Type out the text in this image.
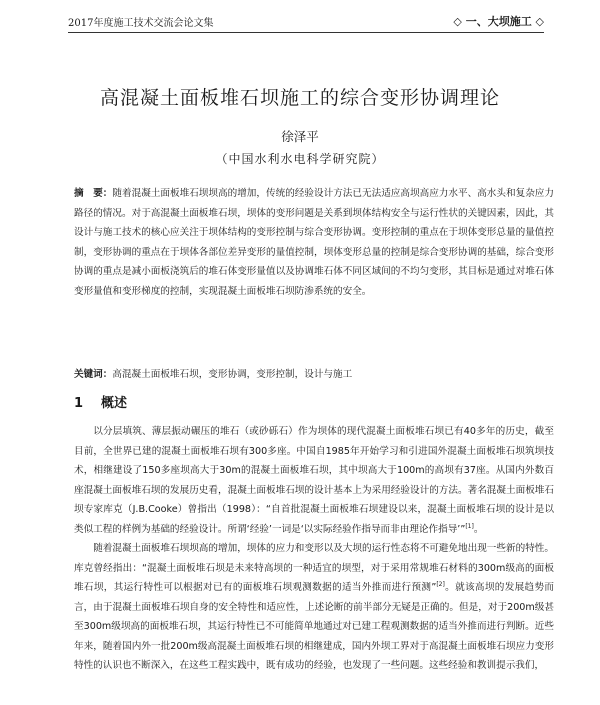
2017年度施工技术交流会论文集	◇ 一、大坝施工 ◇
高混凝土面板堆石坝施工的综合变形协调理论
徐泽平
（中国水利水电科学研究院）
摘　要：随着混凝土面板堆石坝坝高的增加，传统的经验设计方法已无法适应高坝高应力水平、高水头和复杂应力路径的情况。对于高混凝土面板堆石坝，坝体的变形问题是关系到坝体结构安全与运行性状的关键因素，因此，其设计与施工技术的核心应关注于坝体结构的变形控制与综合变形协调。变形控制的重点在于坝体变形总量的量值控制，变形协调的重点在于坝体各部位差异变形的量值控制，坝体变形总量的控制是综合变形协调的基础，综合变形协调的重点是减小面板浇筑后的堆石体变形量值以及协调堆石体不同区域间的不均匀变形，其目标是通过对堆石体变形量值和变形梯度的控制，实现混凝土面板堆石坝防渗系统的安全。
关键词：高混凝土面板堆石坝，变形协调，变形控制，设计与施工
1 概述
以分层填筑、薄层振动碾压的堆石（或砂砾石）作为坝体的现代混凝土面板堆石坝已有40多年的历史，截至目前，全世界已建的混凝土面板堆石坝有300多座。中国自1985年开始学习和引进国外混凝土面板堆石坝筑坝技术，相继建设了150多座坝高大于30m的混凝土面板堆石坝，其中坝高大于100m的高坝有37座。从国内外数百座混凝土面板堆石坝的发展历史看，混凝土面板堆石坝的设计基本上为采用经验设计的方法。著名混凝土面板堆石坝专家库克（J.B.Cooke）曾指出（1998）：“自首批混凝土面板堆石坝建设以来，混凝土面板堆石坝的设计是以类似工程的样例为基础的经验设计。所谓‘经验’一词是‘以实际经验作指导而非由理论作指导’”[1]。
随着混凝土面板堆石坝坝高的增加，坝体的应力和变形以及大坝的运行性态将不可避免地出现一些新的特性。库克曾经指出：“混凝土面板堆石坝是未来特高坝的一种适宜的坝型，对于采用常规堆石材料的300m级高的面板堆石坝，其运行特性可以根据对已有的面板堆石坝观测数据的适当外推而进行预测”[2]。就该高坝的发展趋势而言，由于混凝土面板堆石坝自身的安全特性和适应性，上述论断的前半部分无疑是正确的。但是，对于200m级甚至300m级坝高的面板堆石坝，其运行特性已不可能简单地通过对已建工程观测数据的适当外推而进行判断。近些年来，随着国内外一批200m级高混凝土面板堆石坝的相继建成，国内外坝工界对于高混凝土面板堆石坝应力变形特性的认识也不断深入，在这些工程实践中，既有成功的经验，也发现了一些问题。这些经验和教训提示我们，
